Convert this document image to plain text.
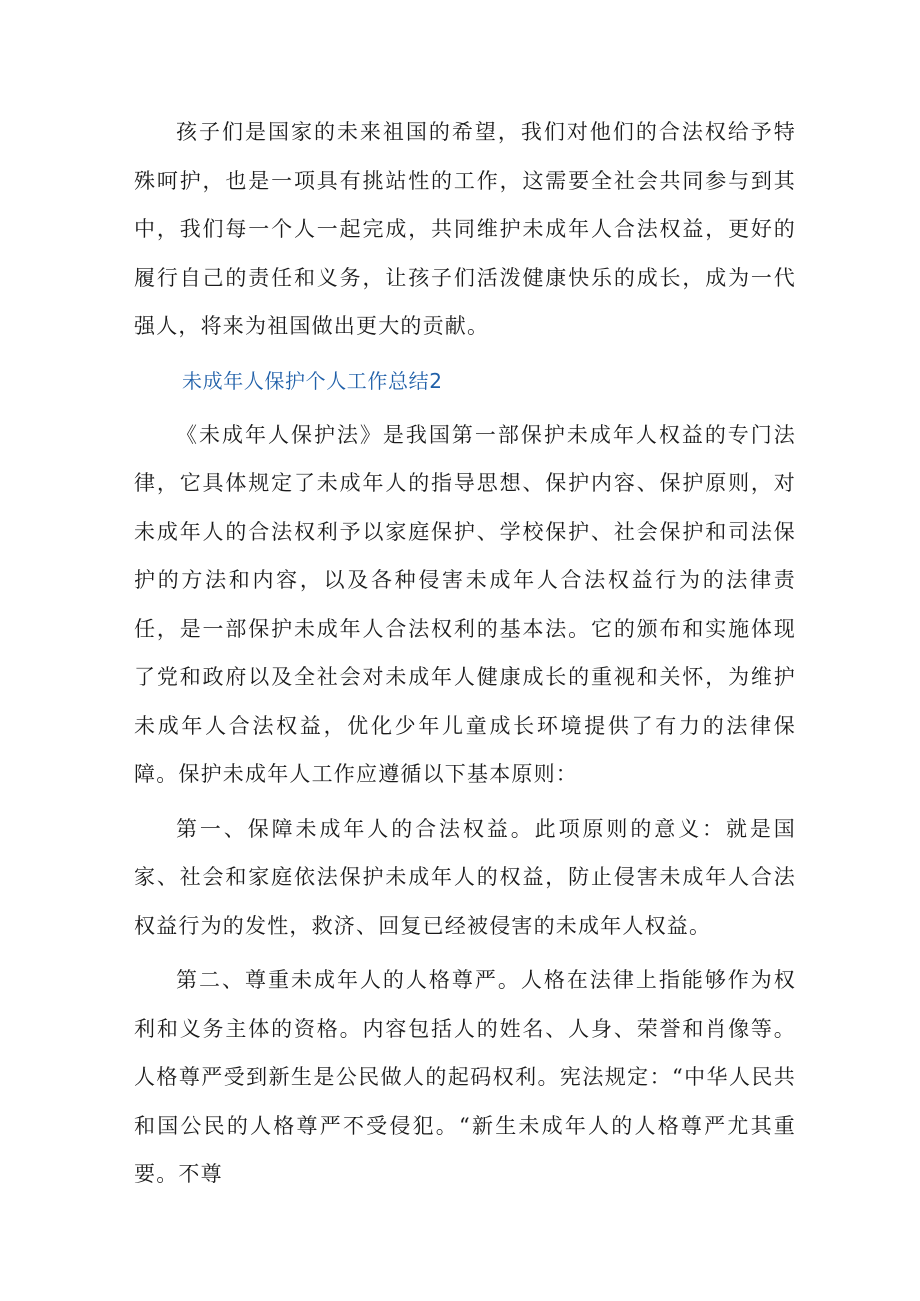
孩子们是国家的未来祖国的希望，我们对他们的合法权给予特殊呵护，也是一项具有挑站性的工作，这需要全社会共同参与到其中，我们每一个人一起完成，共同维护未成年人合法权益，更好的履行自己的责任和义务，让孩子们活泼健康快乐的成长，成为一代强人，将来为祖国做出更大的贡献。

未成年人保护个人工作总结2

《未成年人保护法》是我国第一部保护未成年人权益的专门法律，它具体规定了未成年人的指导思想、保护内容、保护原则，对未成年人的合法权利予以家庭保护、学校保护、社会保护和司法保护的方法和内容，以及各种侵害未成年人合法权益行为的法律责任，是一部保护未成年人合法权利的基本法。它的颁布和实施体现了党和政府以及全社会对未成年人健康成长的重视和关怀，为维护未成年人合法权益，优化少年儿童成长环境提供了有力的法律保障。保护未成年人工作应遵循以下基本原则：

第一、保障未成年人的合法权益。此项原则的意义：就是国家、社会和家庭依法保护未成年人的权益，防止侵害未成年人合法权益行为的发性，救济、回复已经被侵害的未成年人权益。

第二、尊重未成年人的人格尊严。人格在法律上指能够作为权利和义务主体的资格。内容包括人的姓名、人身、荣誉和肖像等。人格尊严受到新生是公民做人的起码权利。宪法规定：“中华人民共和国公民的人格尊严不受侵犯。“新生未成年人的人格尊严尤其重要。不尊
